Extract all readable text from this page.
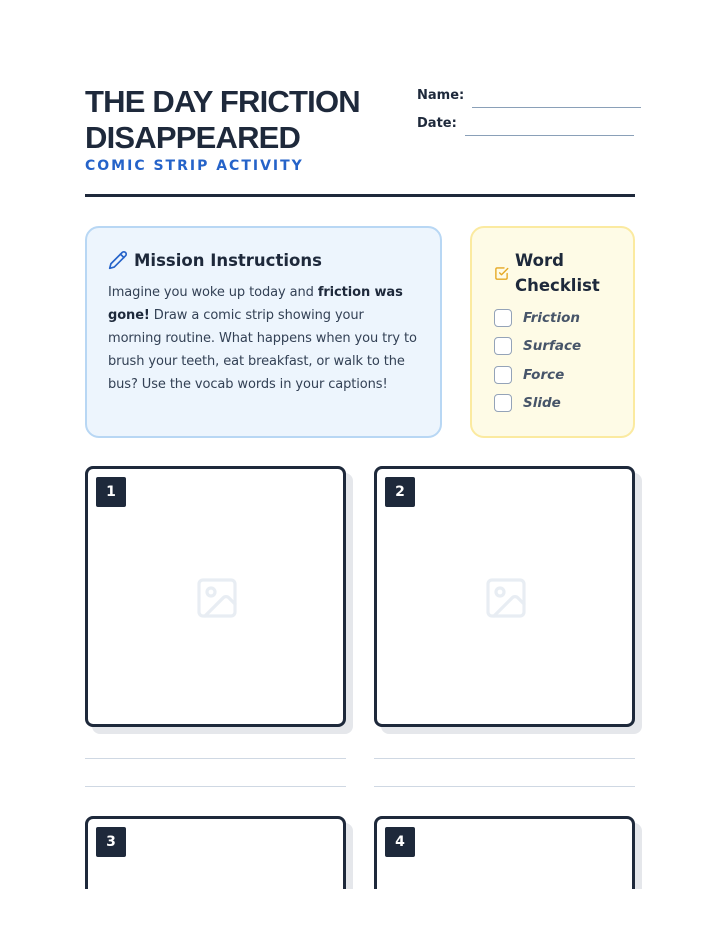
THE DAY FRICTION DISAPPEARED
COMIC STRIP ACTIVITY
Name:
Date:
Mission Instructions

Imagine you woke up today and friction was gone! Draw a comic strip showing your morning routine. What happens when you try to brush your teeth, eat breakfast, or walk to the bus? Use the vocab words in your captions!

Word Checklist
Friction
Surface
Force
Slide
1	2
3	4
